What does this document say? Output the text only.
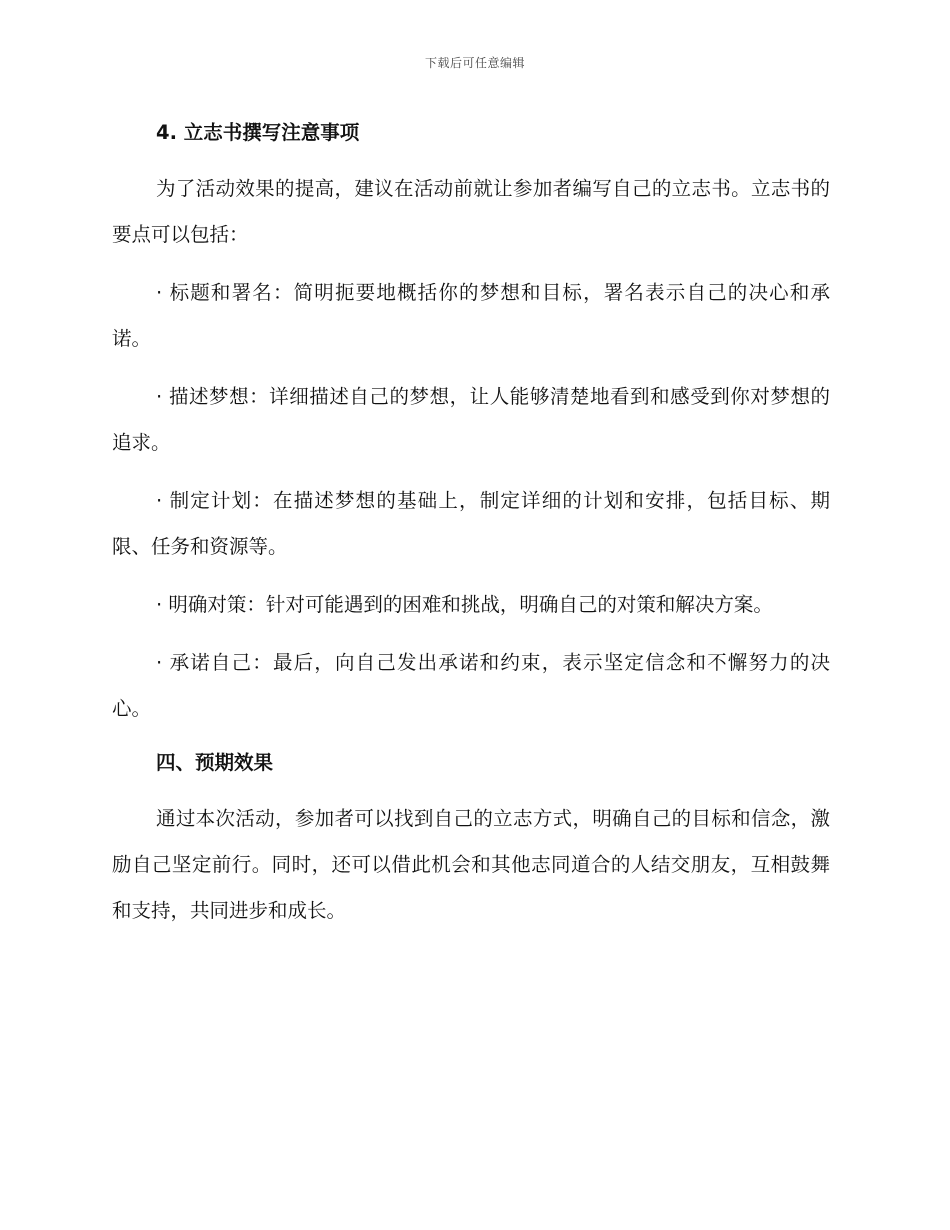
下载后可任意编辑
4. 立志书撰写注意事项

为了活动效果的提高，建议在活动前就让参加者编写自己的立志书。立志书的要点可以包括：

· 标题和署名：简明扼要地概括你的梦想和目标，署名表示自己的决心和承诺。

· 描述梦想：详细描述自己的梦想，让人能够清楚地看到和感受到你对梦想的追求。

· 制定计划：在描述梦想的基础上，制定详细的计划和安排，包括目标、期限、任务和资源等。

· 明确对策：针对可能遇到的困难和挑战，明确自己的对策和解决方案。

· 承诺自己：最后，向自己发出承诺和约束，表示坚定信念和不懈努力的决心。

四、预期效果

通过本次活动，参加者可以找到自己的立志方式，明确自己的目标和信念，激励自己坚定前行。同时，还可以借此机会和其他志同道合的人结交朋友，互相鼓舞和支持，共同进步和成长。
